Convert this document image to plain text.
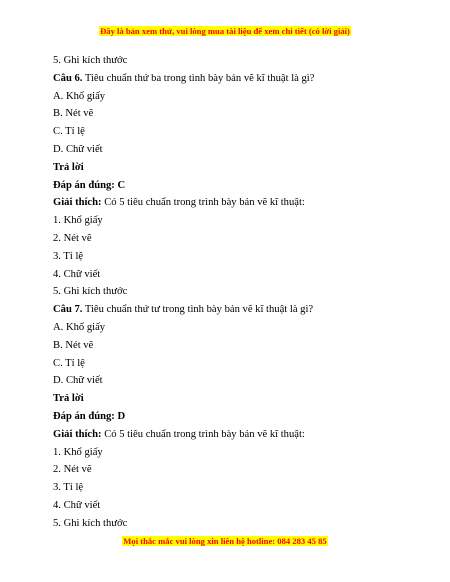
Đây là bản xem thử, vui lòng mua tài liệu để xem chi tiết (có lời giải)
5. Ghi kích thước
Câu 6. Tiêu chuẩn thứ ba trong tình bày bản vẽ kĩ thuật là gì?
A. Khổ giấy
B. Nét vẽ
C. Tỉ lệ
D. Chữ viết
Trả lời
Đáp án đúng: C
Giải thích: Có 5 tiêu chuẩn trong trình bày bản vẽ kĩ thuật:
1. Khổ giấy
2. Nét vẽ
3. Tỉ lệ
4. Chữ viết
5. Ghi kích thước
Câu 7. Tiêu chuẩn thứ tư trong tình bày bản vẽ kĩ thuật là gì?
A. Khổ giấy
B. Nét vẽ
C. Tỉ lệ
D. Chữ viết
Trả lời
Đáp án đúng: D
Giải thích: Có 5 tiêu chuẩn trong trình bày bản vẽ kĩ thuật:
1. Khổ giấy
2. Nét vẽ
3. Tỉ lệ
4. Chữ viết
5. Ghi kích thước
Mọi thắc mắc vui lòng xin liên hệ hotline: 084 283 45 85
